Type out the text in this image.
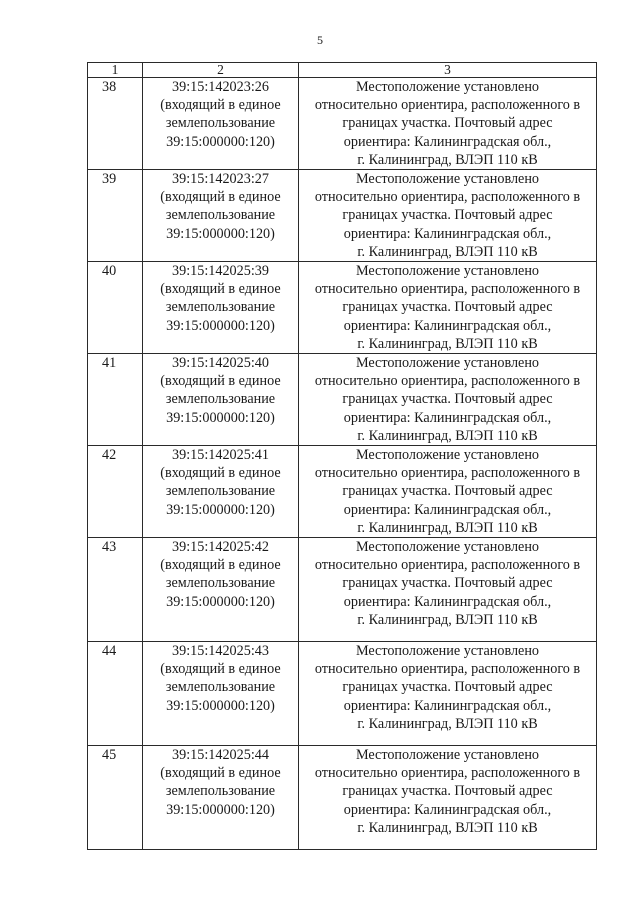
5
1	2	3
38	39:15:142023:26
(входящий в единое
землепользование
39:15:000000:120)	Местоположение установлено
относительно ориентира, расположенного в
границах участка. Почтовый адрес
ориентира: Калининградская обл.,
г. Калининград, ВЛЭП 110 кВ

39	39:15:142023:27
(входящий в единое
землепользование
39:15:000000:120)	Местоположение установлено
относительно ориентира, расположенного в
границах участка. Почтовый адрес
ориентира: Калининградская обл.,
г. Калининград, ВЛЭП 110 кВ

40	39:15:142025:39
(входящий в единое
землепользование
39:15:000000:120)	Местоположение установлено
относительно ориентира, расположенного в
границах участка. Почтовый адрес
ориентира: Калининградская обл.,
г. Калининград, ВЛЭП 110 кВ

41	39:15:142025:40
(входящий в единое
землепользование
39:15:000000:120)	Местоположение установлено
относительно ориентира, расположенного в
границах участка. Почтовый адрес
ориентира: Калининградская обл.,
г. Калининград, ВЛЭП 110 кВ

42	39:15:142025:41
(входящий в единое
землепользование
39:15:000000:120)	Местоположение установлено
относительно ориентира, расположенного в
границах участка. Почтовый адрес
ориентира: Калининградская обл.,
г. Калининград, ВЛЭП 110 кВ

43	39:15:142025:42
(входящий в единое
землепользование
39:15:000000:120)	Местоположение установлено
относительно ориентира, расположенного в
границах участка. Почтовый адрес
ориентира: Калининградская обл.,
г. Калининград, ВЛЭП 110 кВ

44	39:15:142025:43
(входящий в единое
землепользование
39:15:000000:120)	Местоположение установлено
относительно ориентира, расположенного в
границах участка. Почтовый адрес
ориентира: Калининградская обл.,
г. Калининград, ВЛЭП 110 кВ

45	39:15:142025:44
(входящий в единое
землепользование
39:15:000000:120)	Местоположение установлено
относительно ориентира, расположенного в
границах участка. Почтовый адрес
ориентира: Калининградская обл.,
г. Калининград, ВЛЭП 110 кВ
